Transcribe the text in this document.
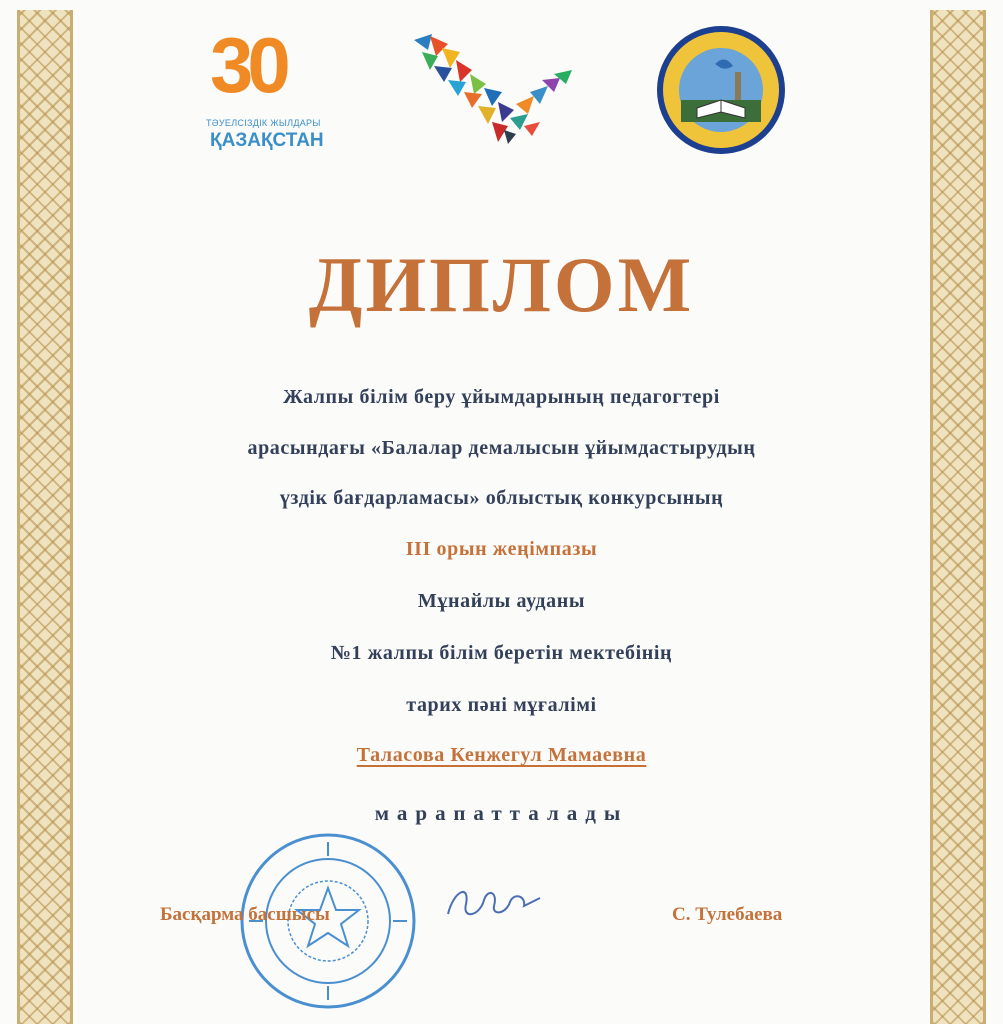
30
ТӘУЕЛСІЗДІК ЖЫЛДАРЫ
ҚАЗАҚСТАН
ДИПЛОМ
Жалпы білім беру ұйымдарының педагогтері
арасындағы «Балалар демалысын ұйымдастырудың
үздік бағдарламасы» облыстық конкурсының
III орын жеңімпазы
Мұнайлы ауданы
№1 жалпы білім беретін мектебінің
тарих пәні мұғалімі
Таласова Кенжегул Мамаевна
марапатталады
Басқарма басшысы	С. Тулебаева
